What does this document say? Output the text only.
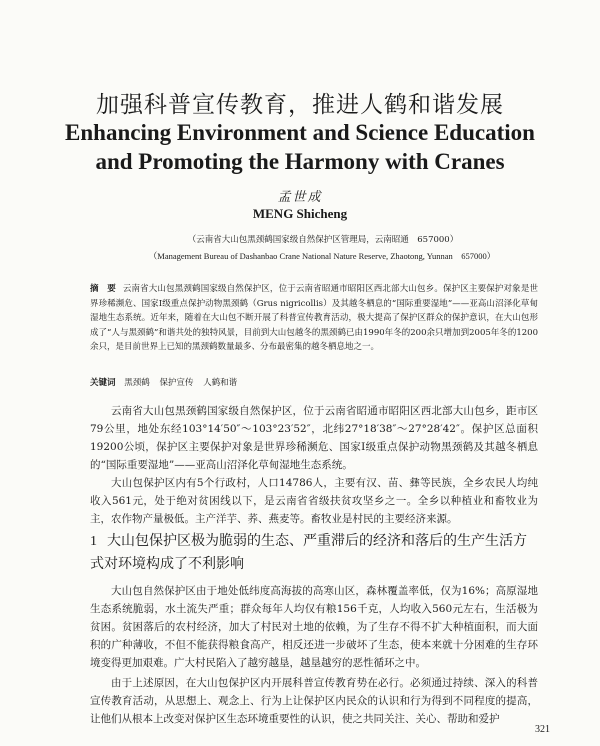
加强科普宣传教育，推进人鹤和谐发展
Enhancing Environment and Science Education
and Promoting the Harmony with Cranes
孟世成
MENG Shicheng
（云南省大山包黑颈鹤国家级自然保护区管理局，云南昭通　657000）
（Management Bureau of Dashanbao Crane National Nature Reserve, Zhaotong, Yunnan　657000）
摘　要 云南省大山包黑颈鹤国家级自然保护区，位于云南省昭通市昭阳区西北部大山包乡。保护区主要保护对象是世界珍稀濒危、国家Ⅰ级重点保护动物黑颈鹤（Grus nigricollis）及其越冬栖息的“国际重要湿地”——亚高山沼泽化草甸湿地生态系统。近年来，随着在大山包不断开展了科普宣传教育活动，极大提高了保护区群众的保护意识，在大山包形成了“人与黑颈鹤”和谐共处的独特风景，目前到大山包越冬的黑颈鹤已由1990年冬的200余只增加到2005年冬的1200余只，是目前世界上已知的黑颈鹤数量最多、分布最密集的越冬栖息地之一。
关键词 黑颈鹤 保护宣传 人鹤和谐

云南省大山包黑颈鹤国家级自然保护区，位于云南省昭通市昭阳区西北部大山包乡，距市区79公里，地处东经103°14′50″～103°23′52″，北纬27°18′38″～27°28′42″。保护区总面积19200公顷，保护区主要保护对象是世界珍稀濒危、国家Ⅰ级重点保护动物黑颈鹤及其越冬栖息的“国际重要湿地”——亚高山沼泽化草甸湿地生态系统。

大山包保护区内有5个行政村，人口14786人，主要有汉、苗、彝等民族，全乡农民人均纯收入561元，处于绝对贫困线以下，是云南省省级扶贫攻坚乡之一。全乡以种植业和畜牧业为主，农作物产量极低。主产洋芋、荞、燕麦等。畜牧业是村民的主要经济来源。

1 大山包保护区极为脆弱的生态、严重滞后的经济和落后的生产生活方式对环境构成了不利影响

大山包自然保护区由于地处低纬度高海拔的高寒山区，森林覆盖率低，仅为16%；高原湿地生态系统脆弱，水土流失严重；群众每年人均仅有粮156千克，人均收入560元左右，生活极为贫困。贫困落后的农村经济，加大了村民对土地的依赖，为了生存不得不扩大种植面积，而大面积的广种薄收，不但不能获得粮食高产，相反还进一步破坏了生态，使本来就十分困难的生存环境变得更加艰难。广大村民陷入了越穷越垦，越垦越穷的恶性循环之中。

由于上述原因，在大山包保护区内开展科普宣传教育势在必行。必须通过持续、深入的科普宣传教育活动，从思想上、观念上、行为上让保护区内民众的认识和行为得到不同程度的提高，让他们从根本上改变对保护区生态环境重要性的认识，使之共同关注、关心、帮助和爱护

321
